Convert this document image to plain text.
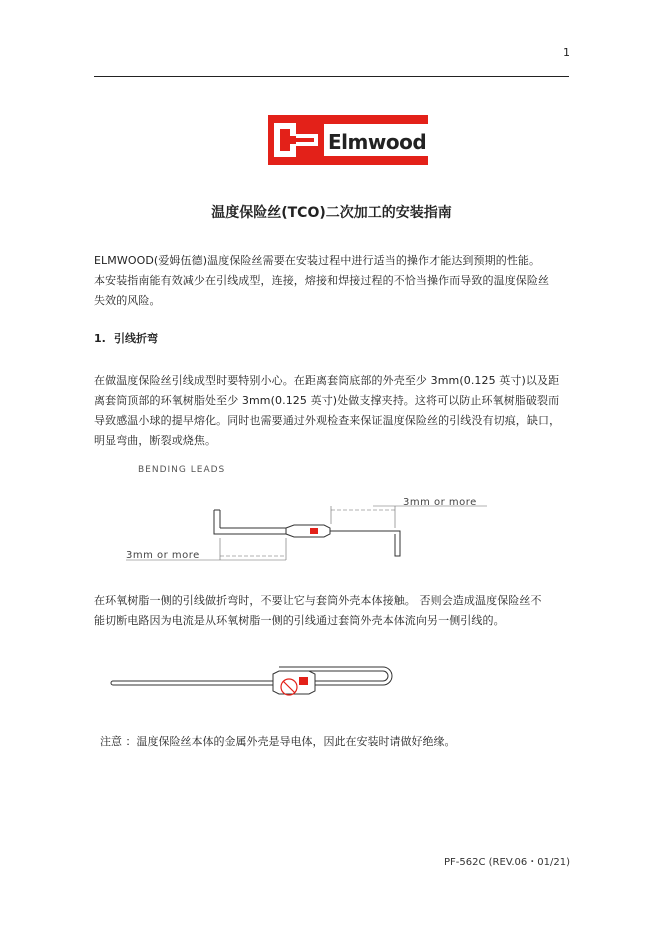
1
Elmwood
温度保险丝(TCO)二次加工的安装指南
ELMWOOD(爱姆伍德)温度保险丝需要在安装过程中进行适当的操作才能达到预期的性能。
本安装指南能有效减少在引线成型，连接，熔接和焊接过程的不恰当操作而导致的温度保险丝
失效的风险。
1. 引线折弯
在做温度保险丝引线成型时要特别小心。在距离套筒底部的外壳至少 3mm(0.125 英寸)以及距
离套筒顶部的环氧树脂处至少 3mm(0.125 英寸)处做支撑夹持。这将可以防止环氧树脂破裂而
导致感温小球的提早熔化。同时也需要通过外观检查来保证温度保险丝的引线没有切痕，缺口，
明显弯曲，断裂或烧焦。
BENDING LEADS
3mm or more
3mm or more
在环氧树脂一侧的引线做折弯时，不要让它与套筒外壳本体接触。 否则会造成温度保险丝不
能切断电路因为电流是从环氧树脂一侧的引线通过套筒外壳本体流向另一侧引线的。
注意 ：温度保险丝本体的金属外壳是导电体，因此在安装时请做好绝缘。
PF-562C (REV.06・01/21)
